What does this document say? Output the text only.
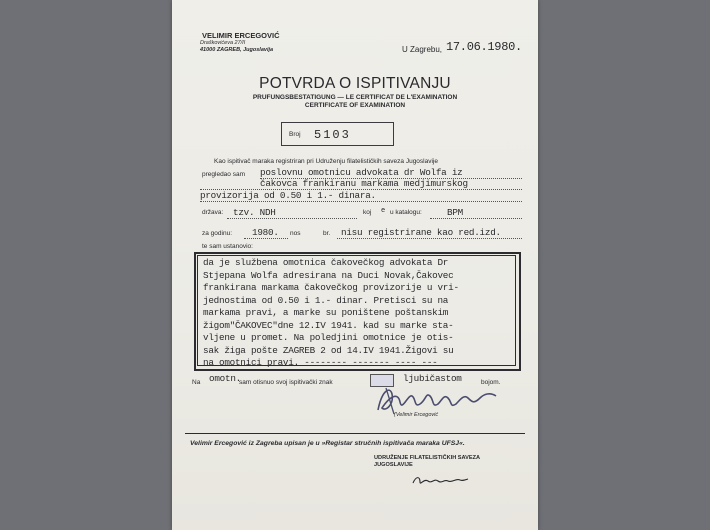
VELIMIR ERCEGOVIĆ
Draškovićeva 27/II
41000 ZAGREB, Jugoslavija	U Zagrebu, 17.06.1980.
POTVRDA O ISPITIVANJU
PRUFUNGSBESTATIGUNG — LE CERTIFICAT DE L'EXAMINATION
CERTIFICATE OF EXAMINATION
Broj 5103
Kao ispitivač maraka registriran pri Udruženju filatelističkih saveza Jugoslavije
pregledao sam poslovnu omotnicu advokata dr Wolfa iz
čakovca frankiranu markama medjimurskog
provizorija od 0.50 i 1.- dinara.
država: tzv. NDH	koj e u katalogu:	BPM
za godinu: 1980. nos	br. nisu registrirane kao red.izd.
te sam ustanovio:
da je službena omotnica čakovečkog advokata Dr
Stjepana Wolfa adresirana na Duci Novak,Čakovec
frankirana markama čakovečkog provizorije u vri-
jednostima od 0.50 i 1.- dinar. Pretisci su na
markama pravi, a marke su poništene poštanskim
žigom"ČAKOVEC"dne 12.IV 1941. kad su marke sta-
vljene u promet. Na poledjini omotnice je otis-
sak žiga pošte ZAGREB 2 od 14.IV 1941.Žigovi su
na omotnici pravi. -------- ------- ---- ---
Na omotn.
sam otisnuo svoj ispitivački znak	ljubičastom	bojom.
(Velimir Ercegović
Velimir Ercegović iz Zagreba upisan je u »Registar stručnih ispitivača maraka UFSJ«.
UDRUŽENJE FILATELISTIČKIH SAVEZA
JUGOSLAVIJE
